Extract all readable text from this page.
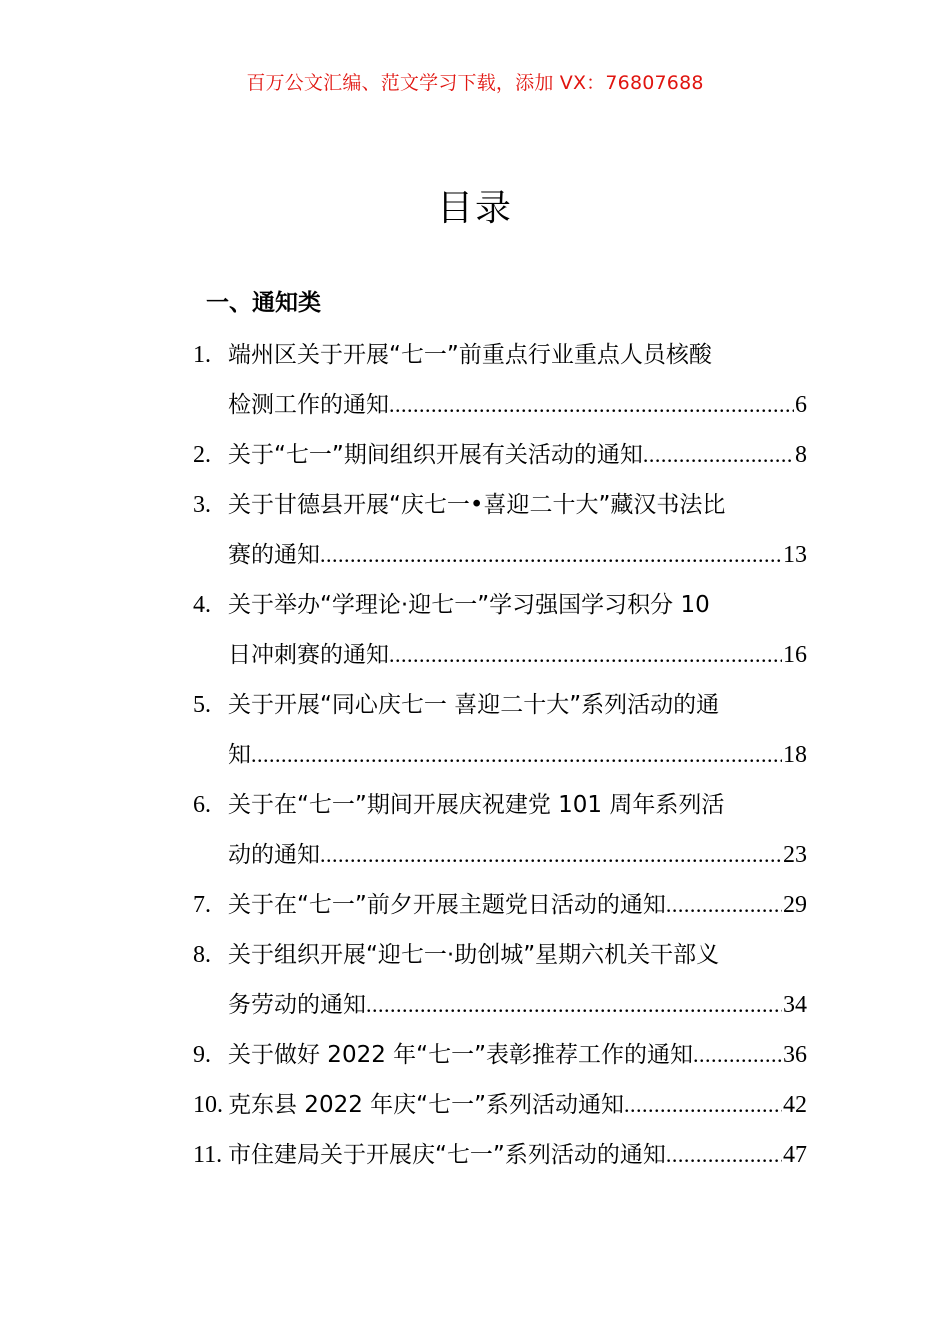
百万公文汇编、范文学习下载，添加 VX：76807688
目录
一、通知类
1. 端州区关于开展“七一”前重点行业重点人员核酸
检测工作的通知 .....	6
2. 关于“七一”期间组织开展有关活动的通知 .....	8
3. 关于甘德县开展“庆七一•喜迎二十大”藏汉书法比
赛的通知 .....	13
4. 关于举办“学理论·迎七一”学习强国学习积分 10
日冲刺赛的通知 .....	16
5. 关于开展“同心庆七一 喜迎二十大”系列活动的通
知 .....	18
6. 关于在“七一”期间开展庆祝建党 101 周年系列活
动的通知 .....	23
7. 关于在“七一”前夕开展主题党日活动的通知 .....	29
8. 关于组织开展“迎七一·助创城”星期六机关干部义
务劳动的通知 .....	34
9. 关于做好 2022 年“七一”表彰推荐工作的通知 .....	36
10. 克东县 2022 年庆“七一”系列活动通知 .....	42
11. 市住建局关于开展庆“七一”系列活动的通知 .....	47
